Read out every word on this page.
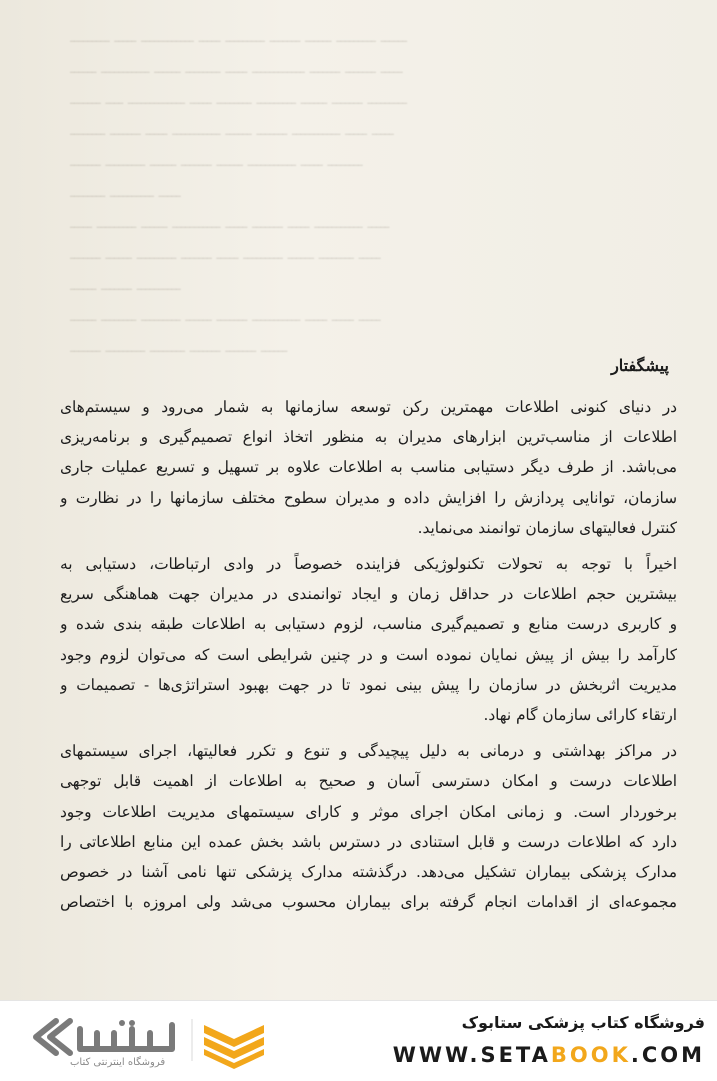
ـــــــــ ـــــ ــــــــــــ ـــــ ـــــــــ ـــــــ ــــــ ـــــــــ ــــــ
ــــــ ـــــــــــ ــــــ ــــــــ ـــــ ــــــــــــ ـــــــ ـــــــ ـــــ
ـــــــ ــــ ـــــــــــــ ـــــ ــــــــ ـــــــــ ــــــ ـــــــ ـــــــــ
ــــــــ ـــــــ ـــــ ـــــــــــ ــــــ ـــــــ ـــــــــــ ـــــ ـــــ
ـــــــ ـــــــــ ــــــ ـــــــ ــــــ ـــــــــــ ـــــ ــــــــ
ــــــــ ــــــــــ ـــــ
ـــــ ـــــــــ ــــــ ـــــــــــ ـــــ ـــــــ ـــــ ـــــــــــ ـــــ
ـــــــ ــــــ ـــــــــ ـــــــ ـــــ ـــــــــ ــــــ ــــــــ ـــــ
ــــــ ـــــــ ــــــــــ
ــــــ ــــــــ ـــــــــ ــــــ ـــــــ ـــــــــــ ـــــ ـــــ ـــــ
ـــــــ ـــــــــ ــــــــ ـــــــ ـــــــ ــــــ
پیشگفتار

در دنیای کنونی اطلاعات مهمترین رکن توسعه سازمانها به شمار می‌رود و سیستم‌های
اطلاعات از مناسب‌ترین ابزارهای مدیران به منظور اتخاذ انواع تصمیم‌گیری و برنامه‌ریزی
می‌باشد. از طرف دیگر دستیابی مناسب به اطلاعات علاوه بر تسهیل و تسریع عملیات جاری
سازمان، توانایی پردازش را افزایش داده و مدیران سطوح مختلف سازمانها را در نظارت و
کنترل فعالیتهای سازمان توانمند می‌نماید.

اخیراً با توجه به تحولات تکنولوژیکی فزاینده خصوصاً در وادی ارتباطات، دستیابی به
بیشترین حجم اطلاعات در حداقل زمان و ایجاد توانمندی در مدیران جهت هماهنگی سریع
و کاربری درست منابع و تصمیم‌گیری مناسب، لزوم دستیابی به اطلاعات طبقه بندی شده و
کارآمد را بیش از پیش نمایان نموده است و در چنین شرایطی است که می‌توان لزوم وجود
مدیریت اثربخش در سازمان را پیش بینی نمود تا در جهت بهبود استراتژی‌ها - تصمیمات و
ارتقاء کارائی سازمان گام نهاد.

در مراکز بهداشتی و درمانی به دلیل پیچیدگی و تنوع و تکرر فعالیتها، اجرای سیستمهای
اطلاعات درست و امکان دسترسی آسان و صحیح به اطلاعات از اهمیت قابل توجهی
برخوردار است. و زمانی امکان اجرای موثر و کارای سیستمهای مدیریت اطلاعات وجود
دارد که اطلاعات درست و قابل استنادی در دسترس باشد بخش عمده این منابع اطلاعاتی را
مدارک پزشکی بیماران تشکیل می‌دهد. درگذشته مدارک پزشکی تنها نامی آشنا در خصوص
مجموعه‌ای از اقدامات انجام گرفته برای بیماران محسوب می‌شد ولی امروزه با اختصاص

فروشگاه اینترنتی کتاب
فروشگاه کتاب پزشکی ستابوک
WWW.SETABOOK.COM
